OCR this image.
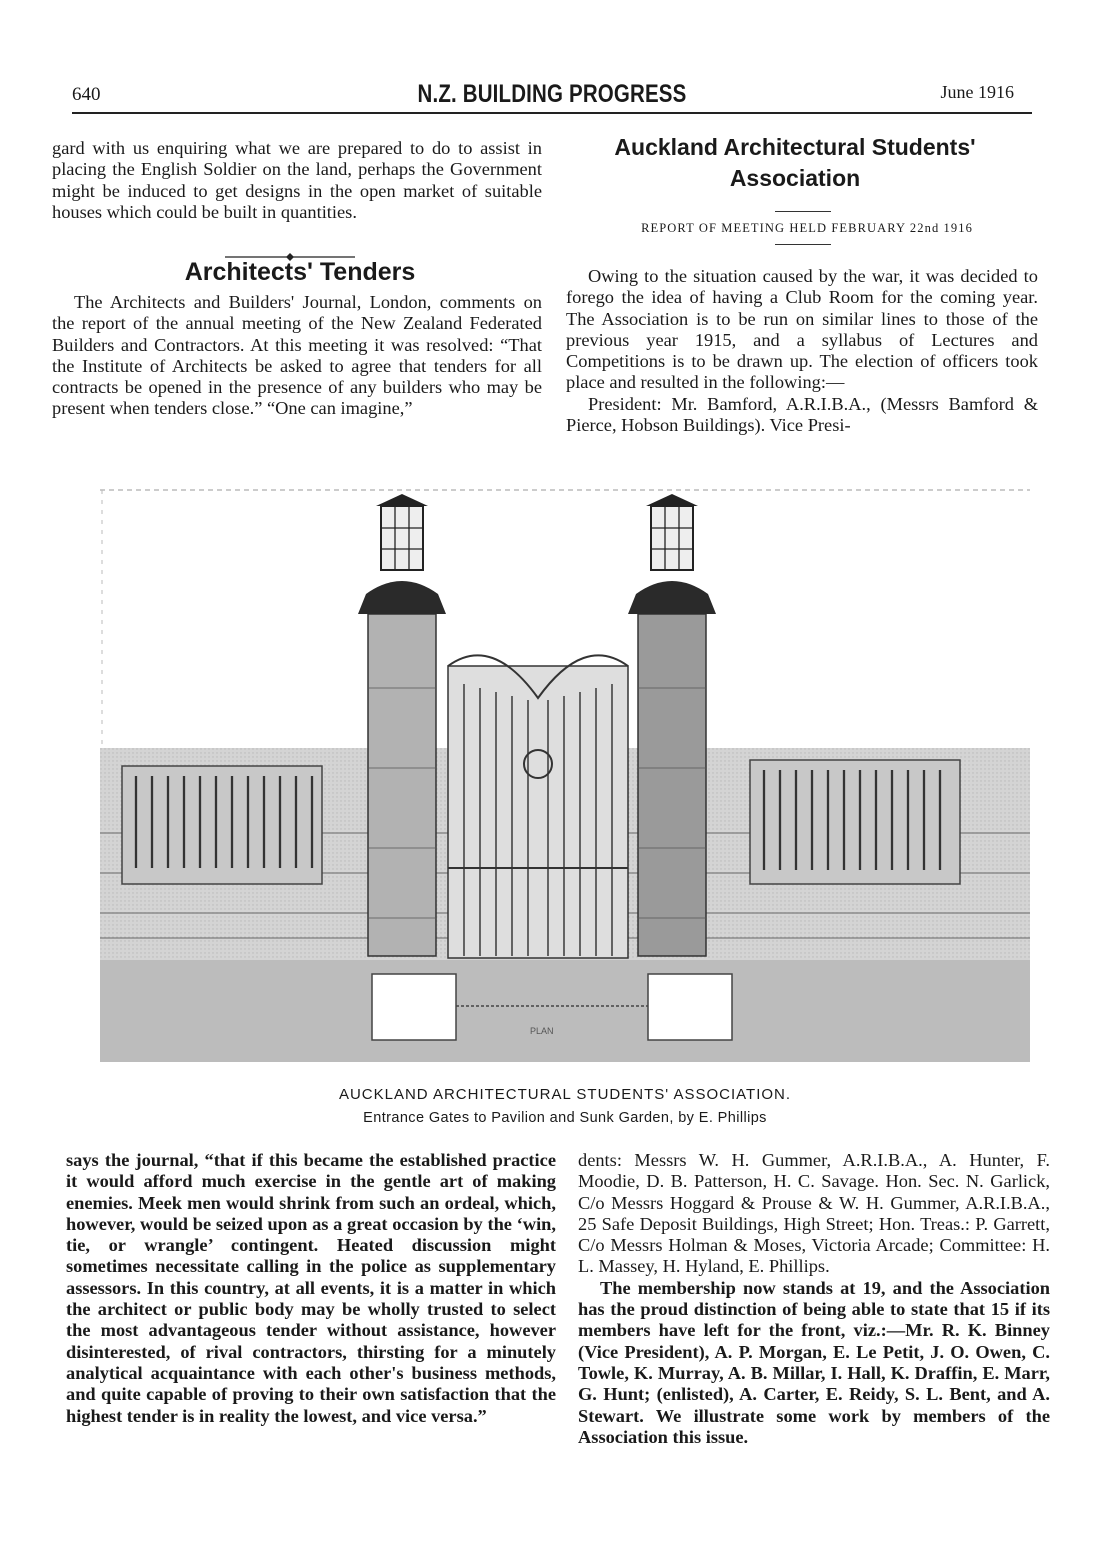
640	N.Z. BUILDING PROGRESS	June 1916

gard with us enquiring what we are prepared to do to assist in placing the English Soldier on the land, perhaps the Government might be induced to get designs in the open market of suitable houses which could be built in quantities.

Architects' Tenders

The Architects and Builders' Journal, London, comments on the report of the annual meeting of the New Zealand Federated Builders and Contractors. At this meeting it was resolved: “That the Institute of Architects be asked to agree that tenders for all contracts be opened in the presence of any builders who may be present when tenders close.” “One can imagine,”

Auckland Architectural Students' Association
REPORT OF MEETING HELD FEBRUARY 22nd 1916

Owing to the situation caused by the war, it was decided to forego the idea of having a Club Room for the coming year. The Association is to be run on similar lines to those of the previous year 1915, and a syllabus of Lectures and Competitions is to be drawn up. The election of officers took place and resulted in the following:—

President: Mr. Bamford, A.R.I.B.A., (Messrs Bamford & Pierce, Hobson Buildings). Vice Presi-

PLAN
AUCKLAND ARCHITECTURAL STUDENTS' ASSOCIATION.
Entrance Gates to Pavilion and Sunk Garden, by E. Phillips

says the journal, “that if this became the established practice it would afford much exercise in the gentle art of making enemies. Meek men would shrink from such an ordeal, which, however, would be seized upon as a great occasion by the ‘win, tie, or wrangle’ contingent. Heated discussion might sometimes necessitate calling in the police as supplementary assessors. In this country, at all events, it is a matter in which the architect or public body may be wholly trusted to select the most advantageous tender without assistance, however disinterested, of rival contractors, thirsting for a minutely analytical acquaintance with each other's business methods, and quite capable of proving to their own satisfaction that the highest tender is in reality the lowest, and vice versa.”

dents: Messrs W. H. Gummer, A.R.I.B.A., A. Hunter, F. Moodie, D. B. Patterson, H. C. Savage. Hon. Sec. N. Garlick, C/o Messrs Hoggard & Prouse & W. H. Gummer, A.R.I.B.A., 25 Safe Deposit Buildings, High Street; Hon. Treas.: P. Garrett, C/o Messrs Holman & Moses, Victoria Arcade; Committee: H. L. Massey, H. Hyland, E. Phillips.

The membership now stands at 19, and the Association has the proud distinction of being able to state that 15 if its members have left for the front, viz.:—Mr. R. K. Binney (Vice President), A. P. Morgan, E. Le Petit, J. O. Owen, C. Towle, K. Murray, A. B. Millar, I. Hall, K. Draffin, E. Marr, G. Hunt; (enlisted), A. Carter, E. Reidy, S. L. Bent, and A. Stewart. We illustrate some work by members of the Association this issue.
